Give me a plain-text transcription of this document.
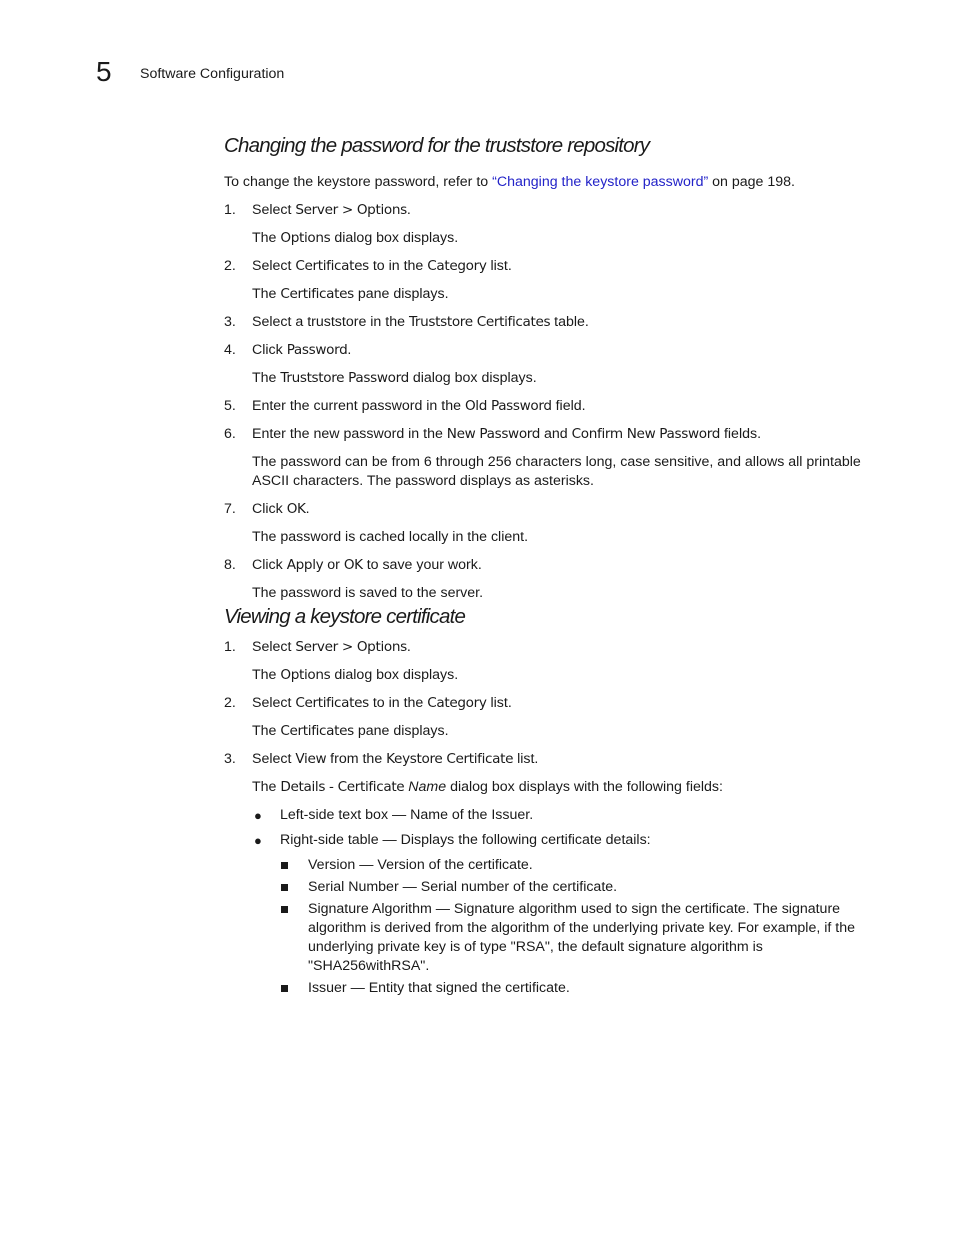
5 Software Configuration
Changing the password for the truststore repository

To change the keystore password, refer to “Changing the keystore password” on page 198.

1. Select Server > Options.
The Options dialog box displays.
2. Select Certificates to in the Category list.
The Certificates pane displays.
3. Select a truststore in the Truststore Certificates table.
4. Click Password.
The Truststore Password dialog box displays.
5. Enter the current password in the Old Password field.
6. Enter the new password in the New Password and Confirm New Password fields.
The password can be from 6 through 256 characters long, case sensitive, and allows all printable ASCII characters. The password displays as asterisks.
7. Click OK.
The password is cached locally in the client.
8. Click Apply or OK to save your work.
The password is saved to the server.
Viewing a keystore certificate
1. Select Server > Options.
The Options dialog box displays.
2. Select Certificates to in the Category list.
The Certificates pane displays.
3. Select View from the Keystore Certificate list.
The Details - Certificate Name dialog box displays with the following fields:
● Left-side text box — Name of the Issuer.
● Right-side table — Displays the following certificate details:
Version — Version of the certificate.
Serial Number — Serial number of the certificate.
Signature Algorithm — Signature algorithm used to sign the certificate. The signature algorithm is derived from the algorithm of the underlying private key. For example, if the underlying private key is of type "RSA", the default signature algorithm is "SHA256withRSA".
Issuer — Entity that signed the certificate.
